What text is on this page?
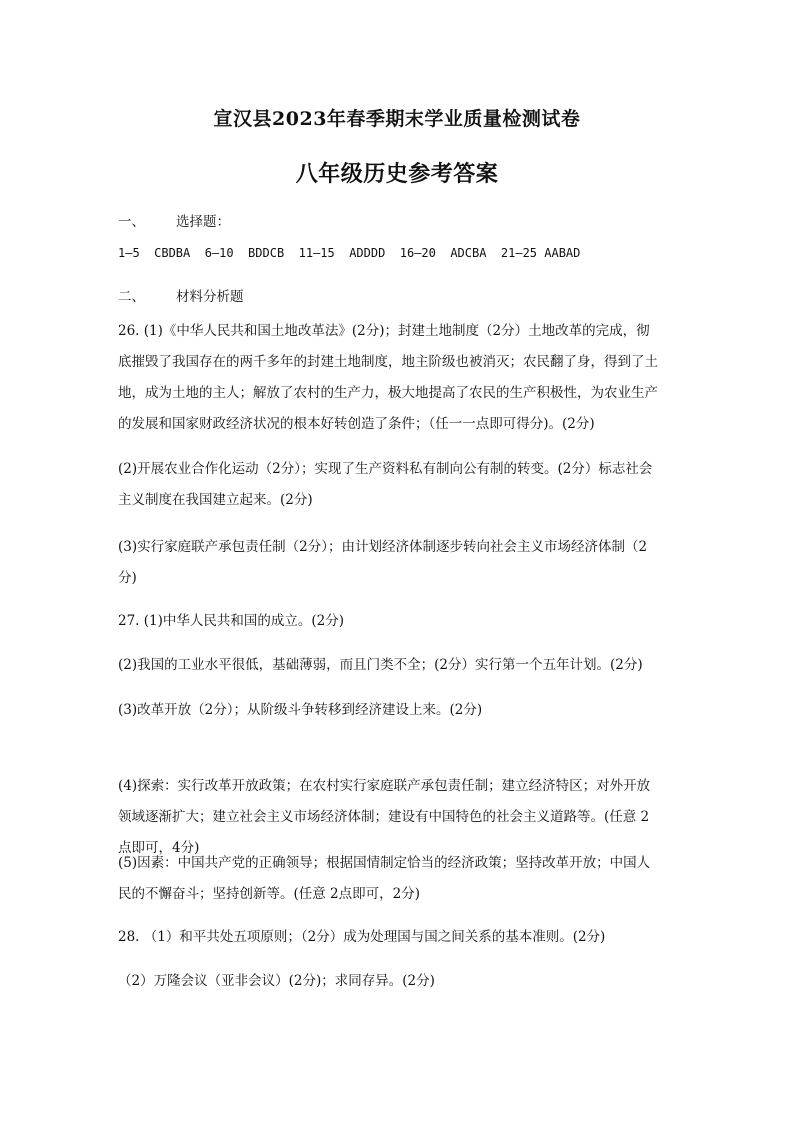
宣汉县2023年春季期末学业质量检测试卷
八年级历史参考答案
一、 选择题：
1—5  CBDBA  6—10  BDDCB  11—15  ADDDD  16—20  ADCBA  21—25 AABAD
二、 材料分析题

26. (1)《中华人民共和国土地改革法》(2分)；封建土地制度（2分）土地改革的完成，彻

底摧毁了我国存在的两千多年的封建土地制度，地主阶级也被消灭；农民翻了身，得到了土

地，成为土地的主人；解放了农村的生产力，极大地提高了农民的生产积极性，为农业生产

的发展和国家财政经济状况的根本好转创造了条件；（任一一点即可得分)。(2分)

(2)开展农业合作化运动（2分）；实现了生产资料私有制向公有制的转变。(2分）标志社会

主义制度在我国建立起来。(2分)

(3)实行家庭联产承包责任制（2分）；由计划经济体制逐步转向社会主义市场经济体制（2

分)

27. (1)中华人民共和国的成立。(2分)
(2)我国的工业水平很低，基础薄弱，而且门类不全；(2分）实行第一个五年计划。(2分)
(3)改革开放（2分）；从阶级斗争转移到经济建设上来。(2分)

(4)探索：实行改革开放政策；在农村实行家庭联产承包责任制；建立经济特区；对外开放

领域逐渐扩大；建立社会主义市场经济体制；建设有中国特色的社会主义道路等。(任意 2

点即可，4分)

(5)因素：中国共产党的正确领导；根据国情制定恰当的经济政策；坚持改革开放；中国人

民的不懈奋斗；坚持创新等。(任意 2点即可，2分)

28. （1）和平共处五项原则；（2分）成为处理国与国之间关系的基本准则。(2分)
（2）万隆会议（亚非会议）(2分)；求同存异。(2分)
